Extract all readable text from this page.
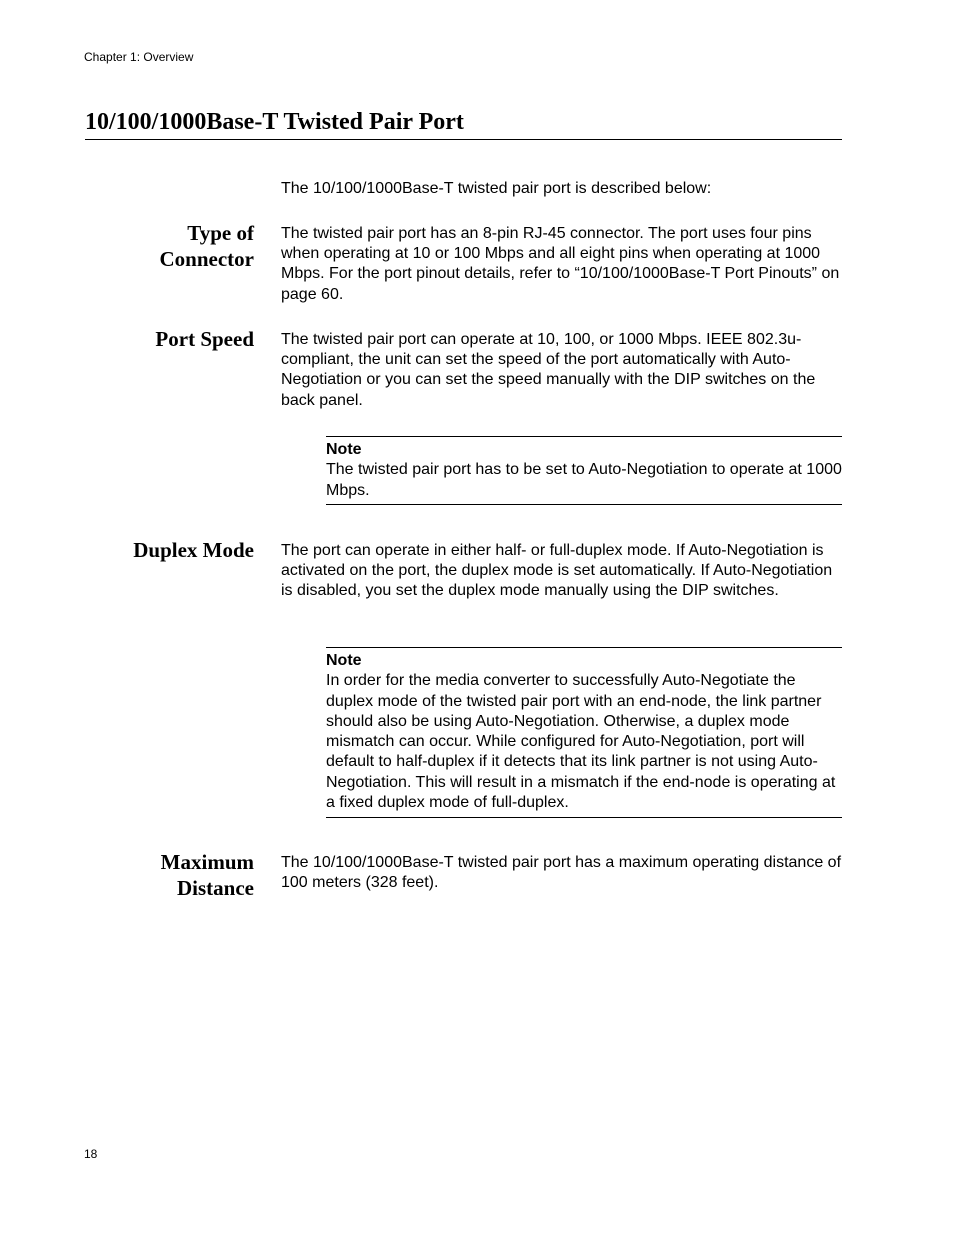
Chapter 1: Overview
10/100/1000Base-T Twisted Pair Port

The 10/100/1000Base-T twisted pair port is described below:

Type of
Connector

The twisted pair port has an 8-pin RJ-45 connector. The port uses four pins when operating at 10 or 100 Mbps and all eight pins when operating at 1000 Mbps. For the port pinout details, refer to “10/100/1000Base-T Port Pinouts” on page 60.

Port Speed The twisted pair port can operate at 10, 100, or 1000 Mbps. IEEE 802.3u-compliant, the unit can set the speed of the port automatically with Auto-Negotiation or you can set the speed manually with the DIP switches on the back panel.

Note
The twisted pair port has to be set to Auto-Negotiation to operate at 1000 Mbps.
Duplex Mode The port can operate in either half- or full-duplex mode. If Auto-Negotiation is activated on the port, the duplex mode is set automatically. If Auto-Negotiation is disabled, you set the duplex mode manually using the DIP switches.

Note
In order for the media converter to successfully Auto-Negotiate the duplex mode of the twisted pair port with an end-node, the link partner should also be using Auto-Negotiation. Otherwise, a duplex mode mismatch can occur. While configured for Auto-Negotiation, port will default to half-duplex if it detects that its link partner is not using Auto-Negotiation. This will result in a mismatch if the end-node is operating at a fixed duplex mode of full-duplex.
Maximum
Distance

The 10/100/1000Base-T twisted pair port has a maximum operating distance of 100 meters (328 feet).

18
